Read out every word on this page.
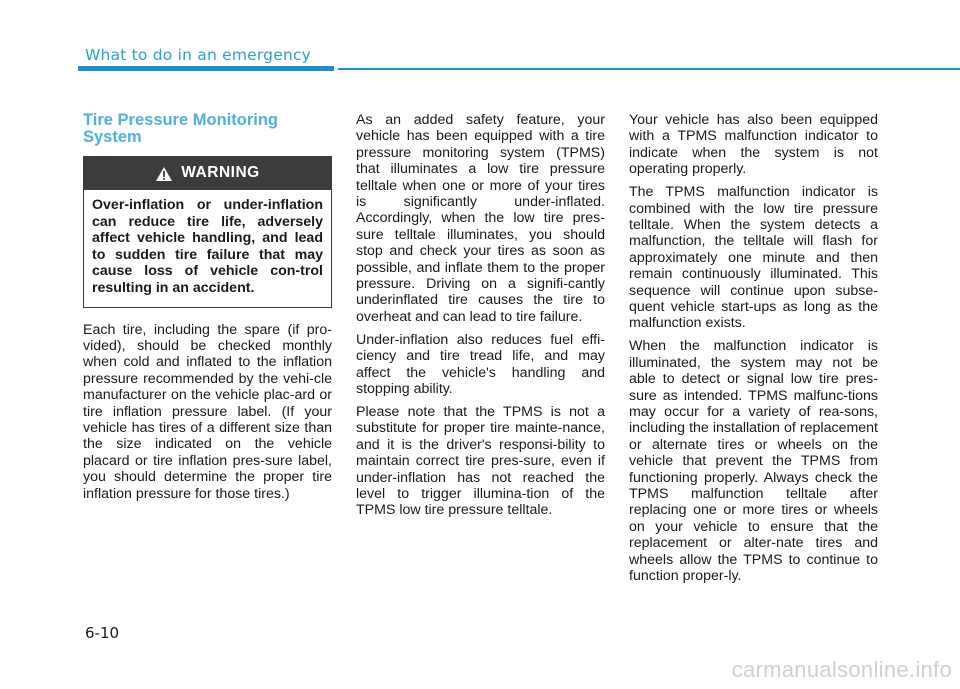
What to do in an emergency
Tire Pressure Monitoring System
WARNING
Over-inflation or under-inflation can reduce tire life, adversely affect vehicle handling, and lead to sudden tire failure that may cause loss of vehicle con-trol resulting in an accident.

Each tire, including the spare (if pro-vided), should be checked monthly when cold and inflated to the inflation pressure recommended by the vehi-cle manufacturer on the vehicle plac-ard or tire inflation pressure label. (If your vehicle has tires of a different size than the size indicated on the vehicle placard or tire inflation pres-sure label, you should determine the proper tire inflation pressure for those tires.)

As an added safety feature, your vehicle has been equipped with a tire pressure monitoring system (TPMS) that illuminates a low tire pressure telltale when one or more of your tires is significantly under-inflated. Accordingly, when the low tire pres-sure telltale illuminates, you should stop and check your tires as soon as possible, and inflate them to the proper pressure. Driving on a signifi-cantly underinflated tire causes the tire to overheat and can lead to tire failure.

Under-inflation also reduces fuel effi-ciency and tire tread life, and may affect the vehicle's handling and stopping ability.

Please note that the TPMS is not a substitute for proper tire mainte-nance, and it is the driver's responsi-bility to maintain correct tire pres-sure, even if under-inflation has not reached the level to trigger illumina-tion of the TPMS low tire pressure telltale.

Your vehicle has also been equipped with a TPMS malfunction indicator to indicate when the system is not operating properly.

The TPMS malfunction indicator is combined with the low tire pressure telltale. When the system detects a malfunction, the telltale will flash for approximately one minute and then remain continuously illuminated. This sequence will continue upon subse-quent vehicle start-ups as long as the malfunction exists.

When the malfunction indicator is illuminated, the system may not be able to detect or signal low tire pres-sure as intended. TPMS malfunc-tions may occur for a variety of rea-sons, including the installation of replacement or alternate tires or wheels on the vehicle that prevent the TPMS from functioning properly. Always check the TPMS malfunction telltale after replacing one or more tires or wheels on your vehicle to ensure that the replacement or alter-nate tires and wheels allow the TPMS to continue to function proper-ly.

6-10
carmanualsonline.info
